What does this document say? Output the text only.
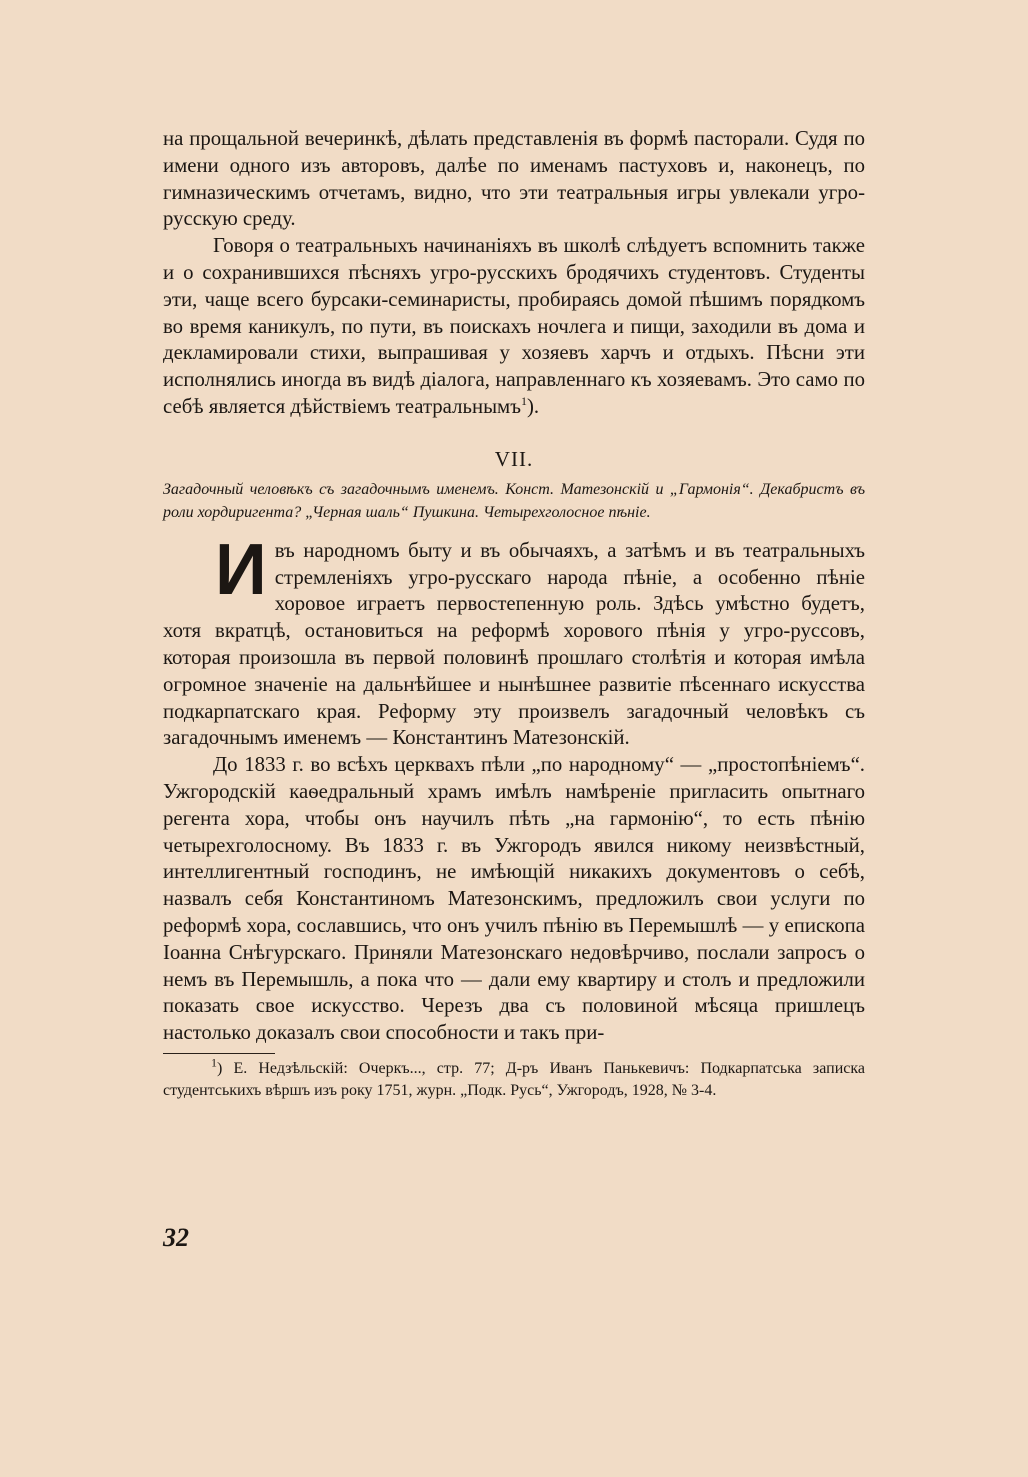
на прощальной вечеринкѣ, дѣлать представленія въ формѣ пасторали. Судя по имени одного изъ авторовъ, далѣе по именамъ пастуховъ и, наконецъ, по гимназическимъ отчетамъ, видно, что эти театральныя игры увлекали угро-русскую среду.

Говоря о театральныхъ начинаніяхъ въ школѣ слѣдуетъ вспомнить также и о сохранившихся пѣсняхъ угро-русскихъ бродячихъ студентовъ. Студенты эти, чаще всего бурсаки-семинаристы, пробираясь домой пѣшимъ порядкомъ во время каникулъ, по пути, въ поискахъ ночлега и пищи, заходили въ дома и декламировали стихи, выпрашивая у хозяевъ харчъ и отдыхъ. Пѣсни эти исполнялись иногда въ видѣ діалога, направленнаго къ хозяевамъ. Это само по себѣ является дѣйствіемъ театральнымъ$^1$).

VII.

Загадочный человѣкъ съ загадочнымъ именемъ. Конст. Матезонскій и „Гармонія“. Декабристъ въ роли хордиригента? „Черная шаль“ Пушкина. Четырехголосное пѣніе.

И въ народномъ быту и въ обычаяхъ, а затѣмъ и въ театральныхъ стремленіяхъ угро-русскаго народа пѣніе, а особенно пѣніе хоровое играетъ первостепенную роль. Здѣсь умѣстно будетъ, хотя вкратцѣ, остановиться на реформѣ хорового пѣнія у угро-руссовъ, которая произошла въ первой половинѣ прошлаго столѣтія и которая имѣла огромное значеніе на дальнѣйшее и нынѣшнее развитіе пѣсеннаго искусства подкарпатскаго края. Реформу эту произвелъ загадочный человѣкъ съ загадочнымъ именемъ — Константинъ Матезонскій.

До 1833 г. во всѣхъ церквахъ пѣли „по народному“ — „простопѣніемъ“. Ужгородскій каѳедральный храмъ имѣлъ намѣреніе пригласить опытнаго регента хора, чтобы онъ научилъ пѣть „на гармонію“, то есть пѣнію четырехголосному. Въ 1833 г. въ Ужгородъ явился никому неизвѣстный, интеллигентный господинъ, не имѣющій никакихъ документовъ о себѣ, назвалъ себя Константиномъ Матезонскимъ, предложилъ свои услуги по реформѣ хора, сославшись, что онъ училъ пѣнію въ Перемышлѣ — у епископа Іоанна Снѣгурскаго. Приняли Матезонскаго недовѣрчиво, послали запросъ о немъ въ Перемышль, а пока что — дали ему квартиру и столъ и предложили показать свое искусство. Черезъ два съ половиной мѣсяца пришлецъ настолько доказалъ свои способности и такъ при-

$^1$) Е. Недзѣльскій: Очеркъ..., стр. 77; Д-ръ Иванъ Панькевичъ: Подкарпатська записка студентськихъ вѣршъ изъ року 1751, журн. „Подк. Русь“, Ужгородъ, 1928, № 3-4.

32
